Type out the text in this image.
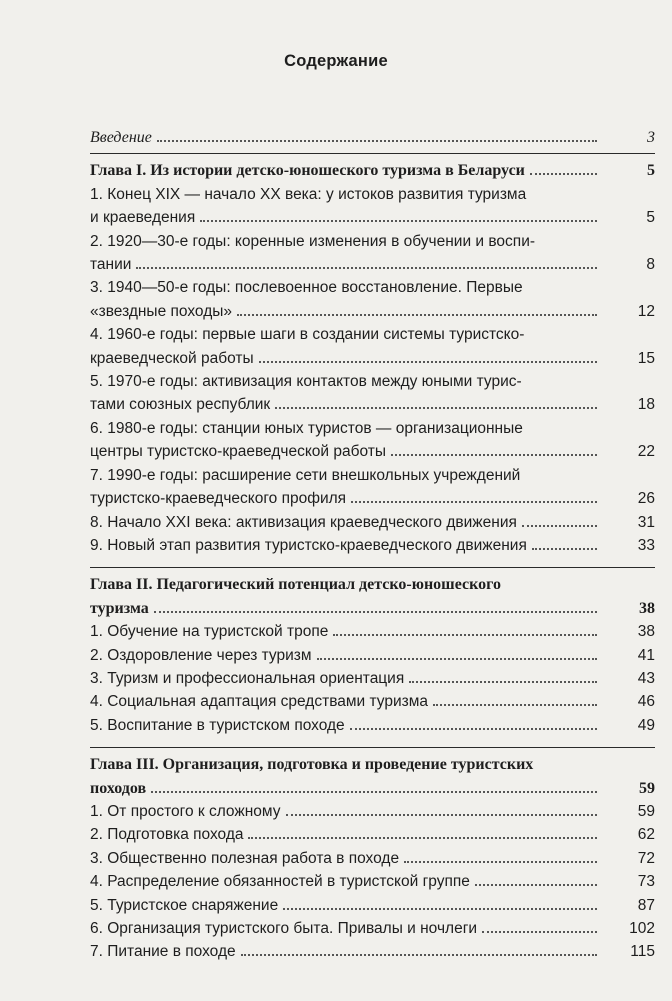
Содержание
Введение	3
Глава I. Из истории детско-юношеского туризма в Беларуси	5
1. Конец XIX — начало XX века: у истоков развития туризма
и краеведения	5
2. 1920—30-е годы: коренные изменения в обучении и воспи-
тании	8
3. 1940—50-е годы: послевоенное восстановление. Первые
«звездные походы»	12
4. 1960-е годы: первые шаги в создании системы туристско-
краеведческой работы	15
5. 1970-е годы: активизация контактов между юными турис-
тами союзных республик	18
6. 1980-е годы: станции юных туристов — организационные
центры туристско-краеведческой работы	22
7. 1990-е годы: расширение сети внешкольных учреждений
туристско-краеведческого профиля	26
8. Начало XXI века: активизация краеведческого движения	31
9. Новый этап развития туристско-краеведческого движения	33
Глава II. Педагогический потенциал детско-юношеского
туризма	38
1. Обучение на туристской тропе	38
2. Оздоровление через туризм	41
3. Туризм и профессиональная ориентация	43
4. Социальная адаптация средствами туризма	46
5. Воспитание в туристском походе	49
Глава III. Организация, подготовка и проведение туристских
походов	59
1. От простого к сложному	59
2. Подготовка похода	62
3. Общественно полезная работа в походе	72
4. Распределение обязанностей в туристской группе	73
5. Туристское снаряжение	87
6. Организация туристского быта. Привалы и ночлеги	102
7. Питание в походе	115
